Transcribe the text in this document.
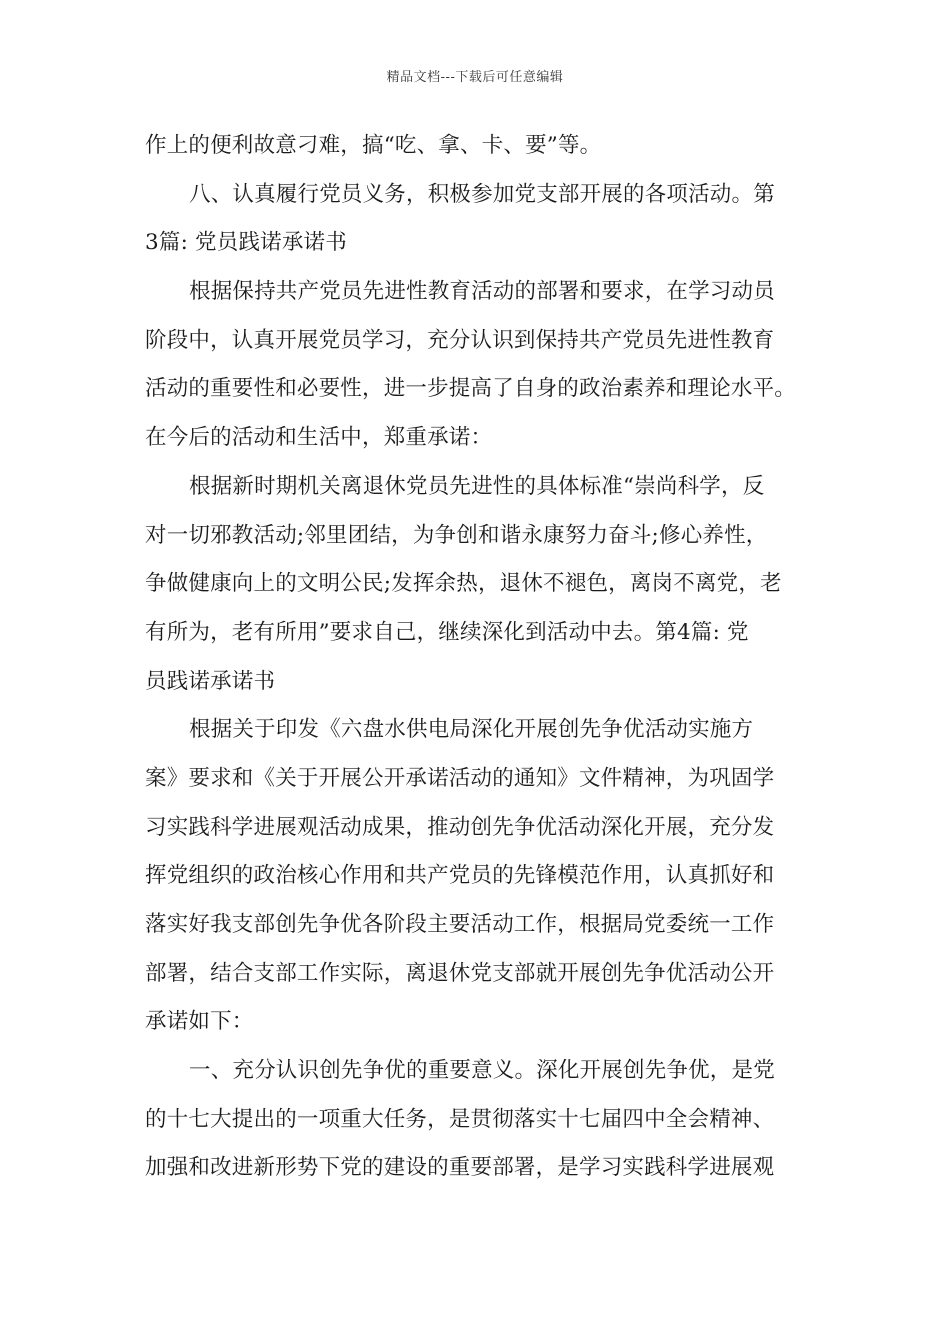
精品文档---下载后可任意编辑
作上的便利故意刁难，搞“吃、拿、卡、要”等。
八、认真履行党员义务，积极参加党支部开展的各项活动。第
3篇: 党员践诺承诺书
根据保持共产党员先进性教育活动的部署和要求，在学习动员
阶段中，认真开展党员学习，充分认识到保持共产党员先进性教育
活动的重要性和必要性，进一步提高了自身的政治素养和理论水平。
在今后的活动和生活中，郑重承诺：
根据新时期机关离退休党员先进性的具体标准“崇尚科学，反
对一切邪教活动;邻里团结，为争创和谐永康努力奋斗;修心养性，
争做健康向上的文明公民;发挥余热，退休不褪色，离岗不离党，老
有所为，老有所用”要求自己，继续深化到活动中去。第4篇: 党
员践诺承诺书
根据关于印发《六盘水供电局深化开展创先争优活动实施方
案》要求和《关于开展公开承诺活动的通知》文件精神，为巩固学
习实践科学进展观活动成果，推动创先争优活动深化开展，充分发
挥党组织的政治核心作用和共产党员的先锋模范作用，认真抓好和
落实好我支部创先争优各阶段主要活动工作，根据局党委统一工作
部署，结合支部工作实际，离退休党支部就开展创先争优活动公开
承诺如下：
一、充分认识创先争优的重要意义。深化开展创先争优，是党
的十七大提出的一项重大任务，是贯彻落实十七届四中全会精神、
加强和改进新形势下党的建设的重要部署，是学习实践科学进展观
